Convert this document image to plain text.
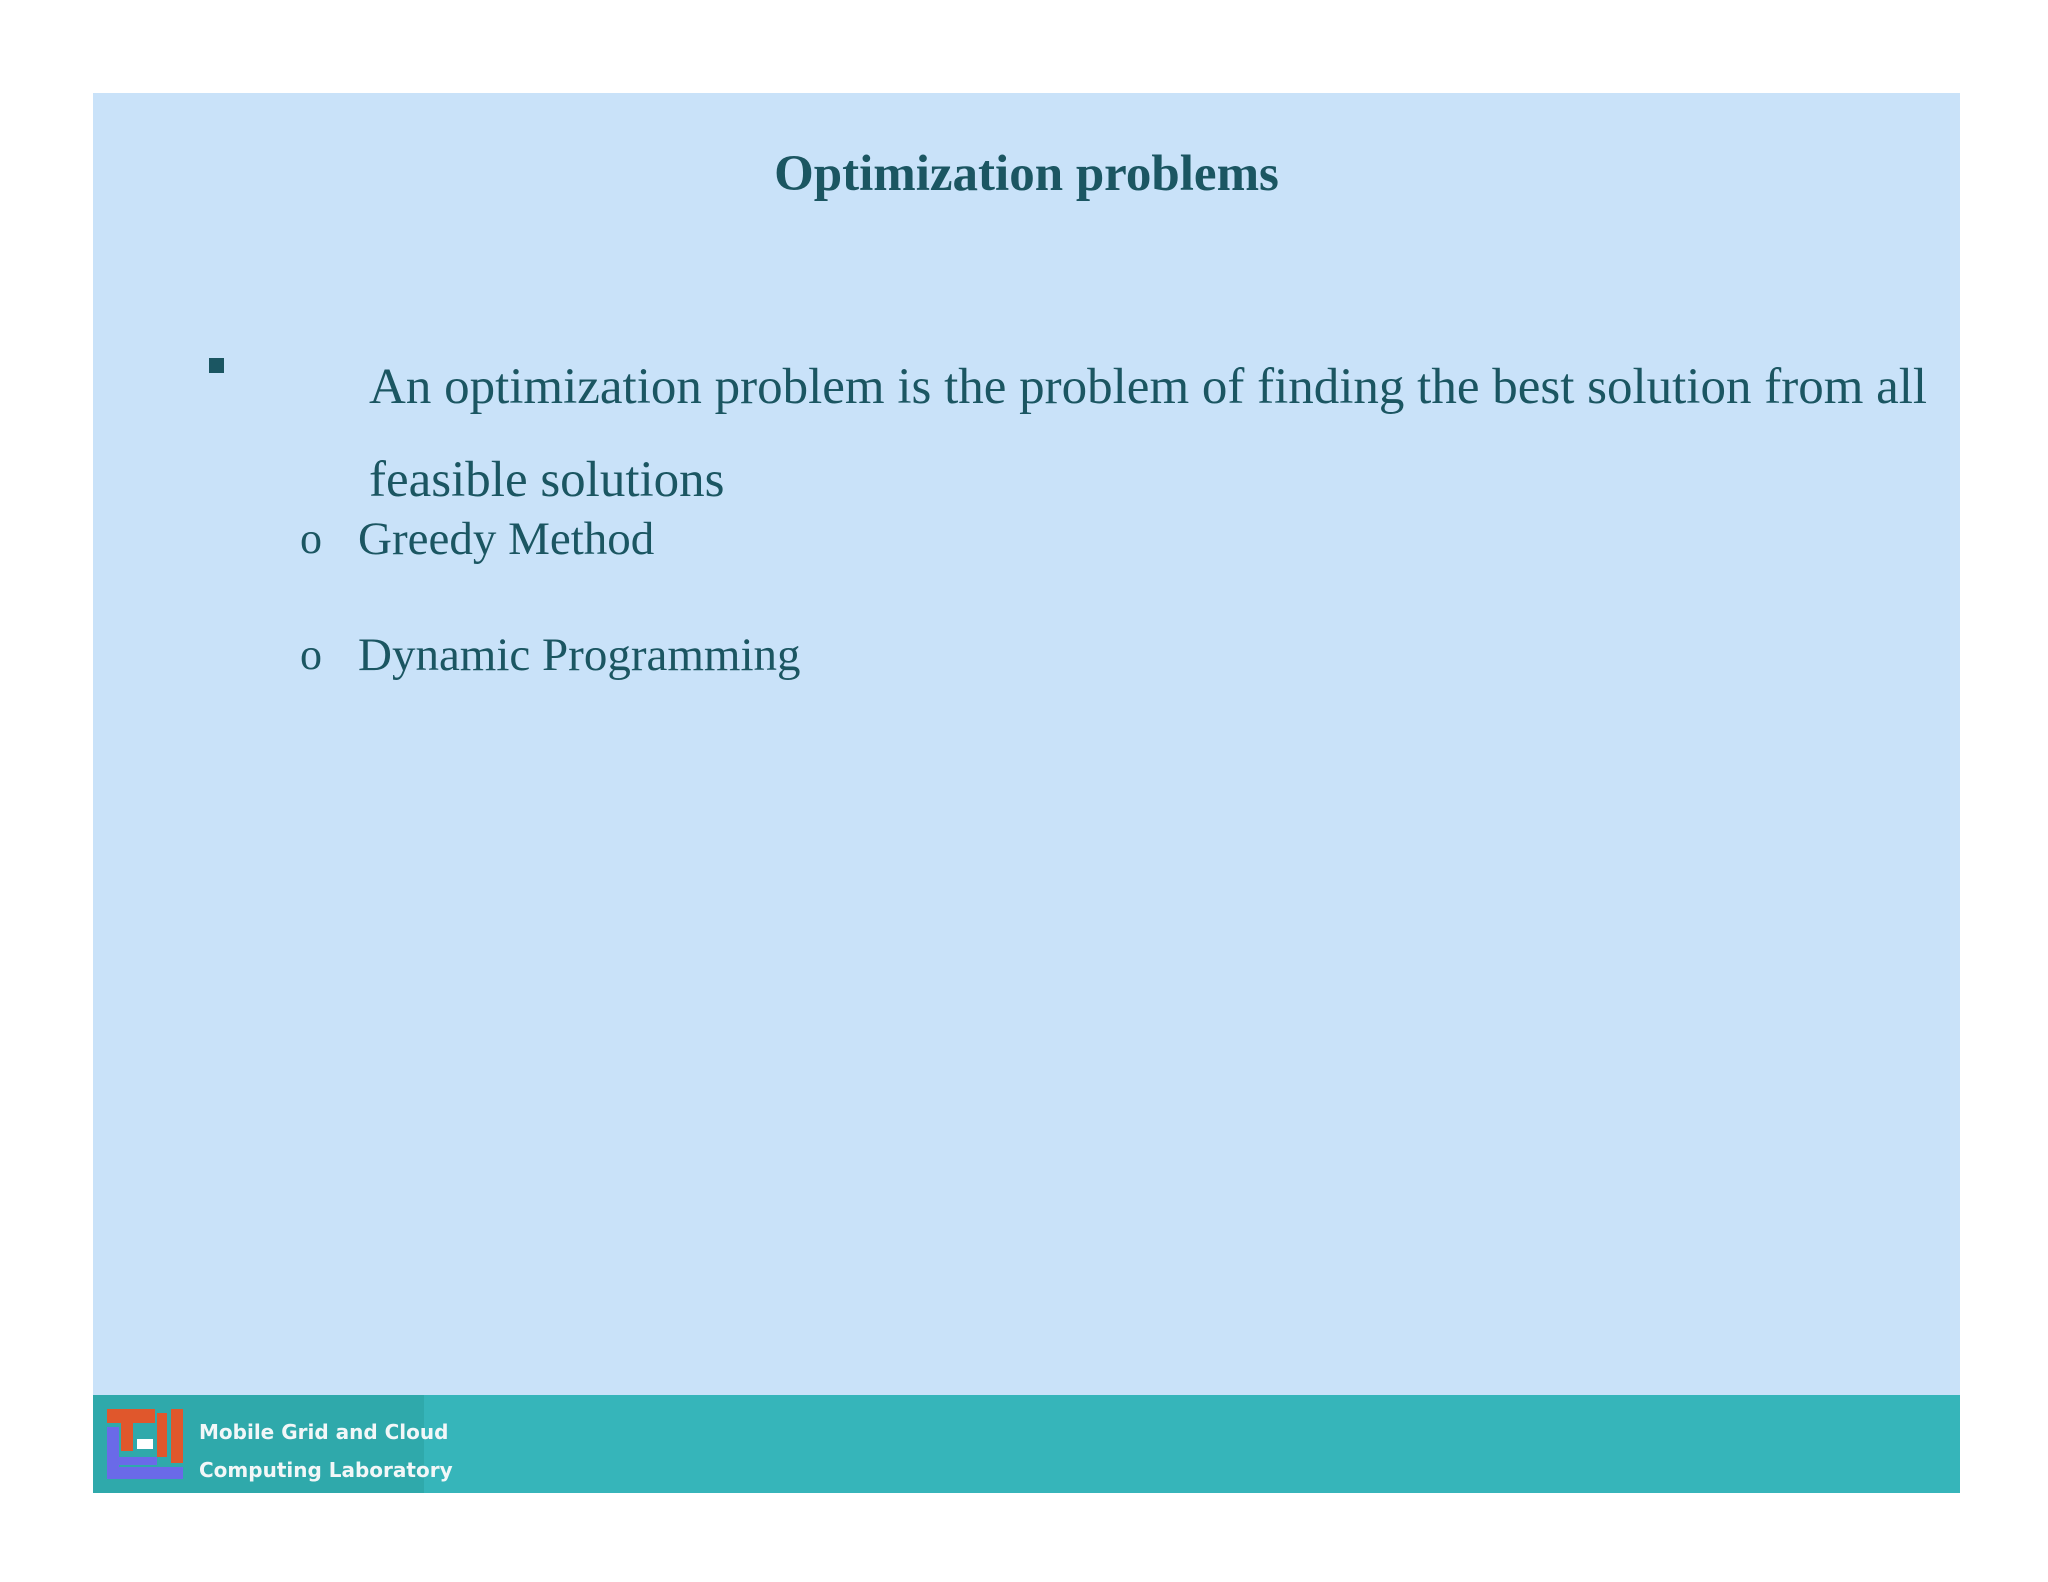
Optimization problems

An optimization problem is the problem of finding the best solution from all feasible solutions

o Greedy Method
o Dynamic Programming
Mobile Grid and Cloud
Computing Laboratory
